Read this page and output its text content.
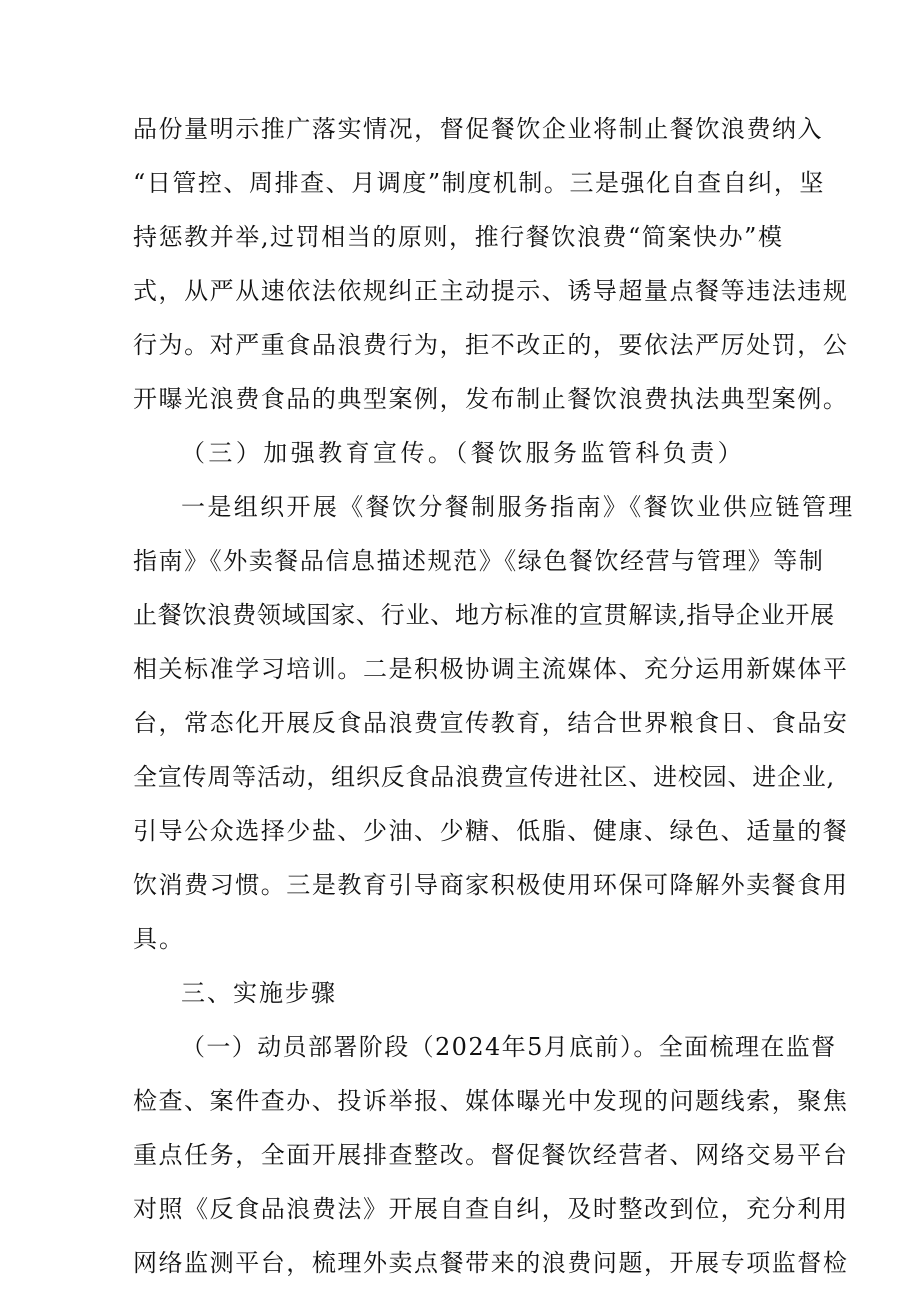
品份量明示推广落实情况，督促餐饮企业将制止餐饮浪费纳入
“日管控、周排查、月调度”制度机制。三是强化自查自纠，坚
持惩教并举,过罚相当的原则，推行餐饮浪费“简案快办”模
式，从严从速依法依规纠正主动提示、诱导超量点餐等违法违规
行为。对严重食品浪费行为，拒不改正的，要依法严厉处罚，公
开曝光浪费食品的典型案例，发布制止餐饮浪费执法典型案例。
（三）加强教育宣传。（餐饮服务监管科负责）
一是组织开展《餐饮分餐制服务指南》《餐饮业供应链管理
指南》《外卖餐品信息描述规范》《绿色餐饮经营与管理》等制
止餐饮浪费领域国家、行业、地方标准的宣贯解读,指导企业开展
相关标准学习培训。二是积极协调主流媒体、充分运用新媒体平
台，常态化开展反食品浪费宣传教育，结合世界粮食日、食品安
全宣传周等活动，组织反食品浪费宣传进社区、进校园、进企业,
引导公众选择少盐、少油、少糖、低脂、健康、绿色、适量的餐
饮消费习惯。三是教育引导商家积极使用环保可降解外卖餐食用
具。
三、实施步骤
（一）动员部署阶段（2024年5月底前）。全面梳理在监督
检查、案件查办、投诉举报、媒体曝光中发现的问题线索，聚焦
重点任务，全面开展排查整改。督促餐饮经营者、网络交易平台
对照《反食品浪费法》开展自查自纠，及时整改到位，充分利用
网络监测平台，梳理外卖点餐带来的浪费问题，开展专项监督检
